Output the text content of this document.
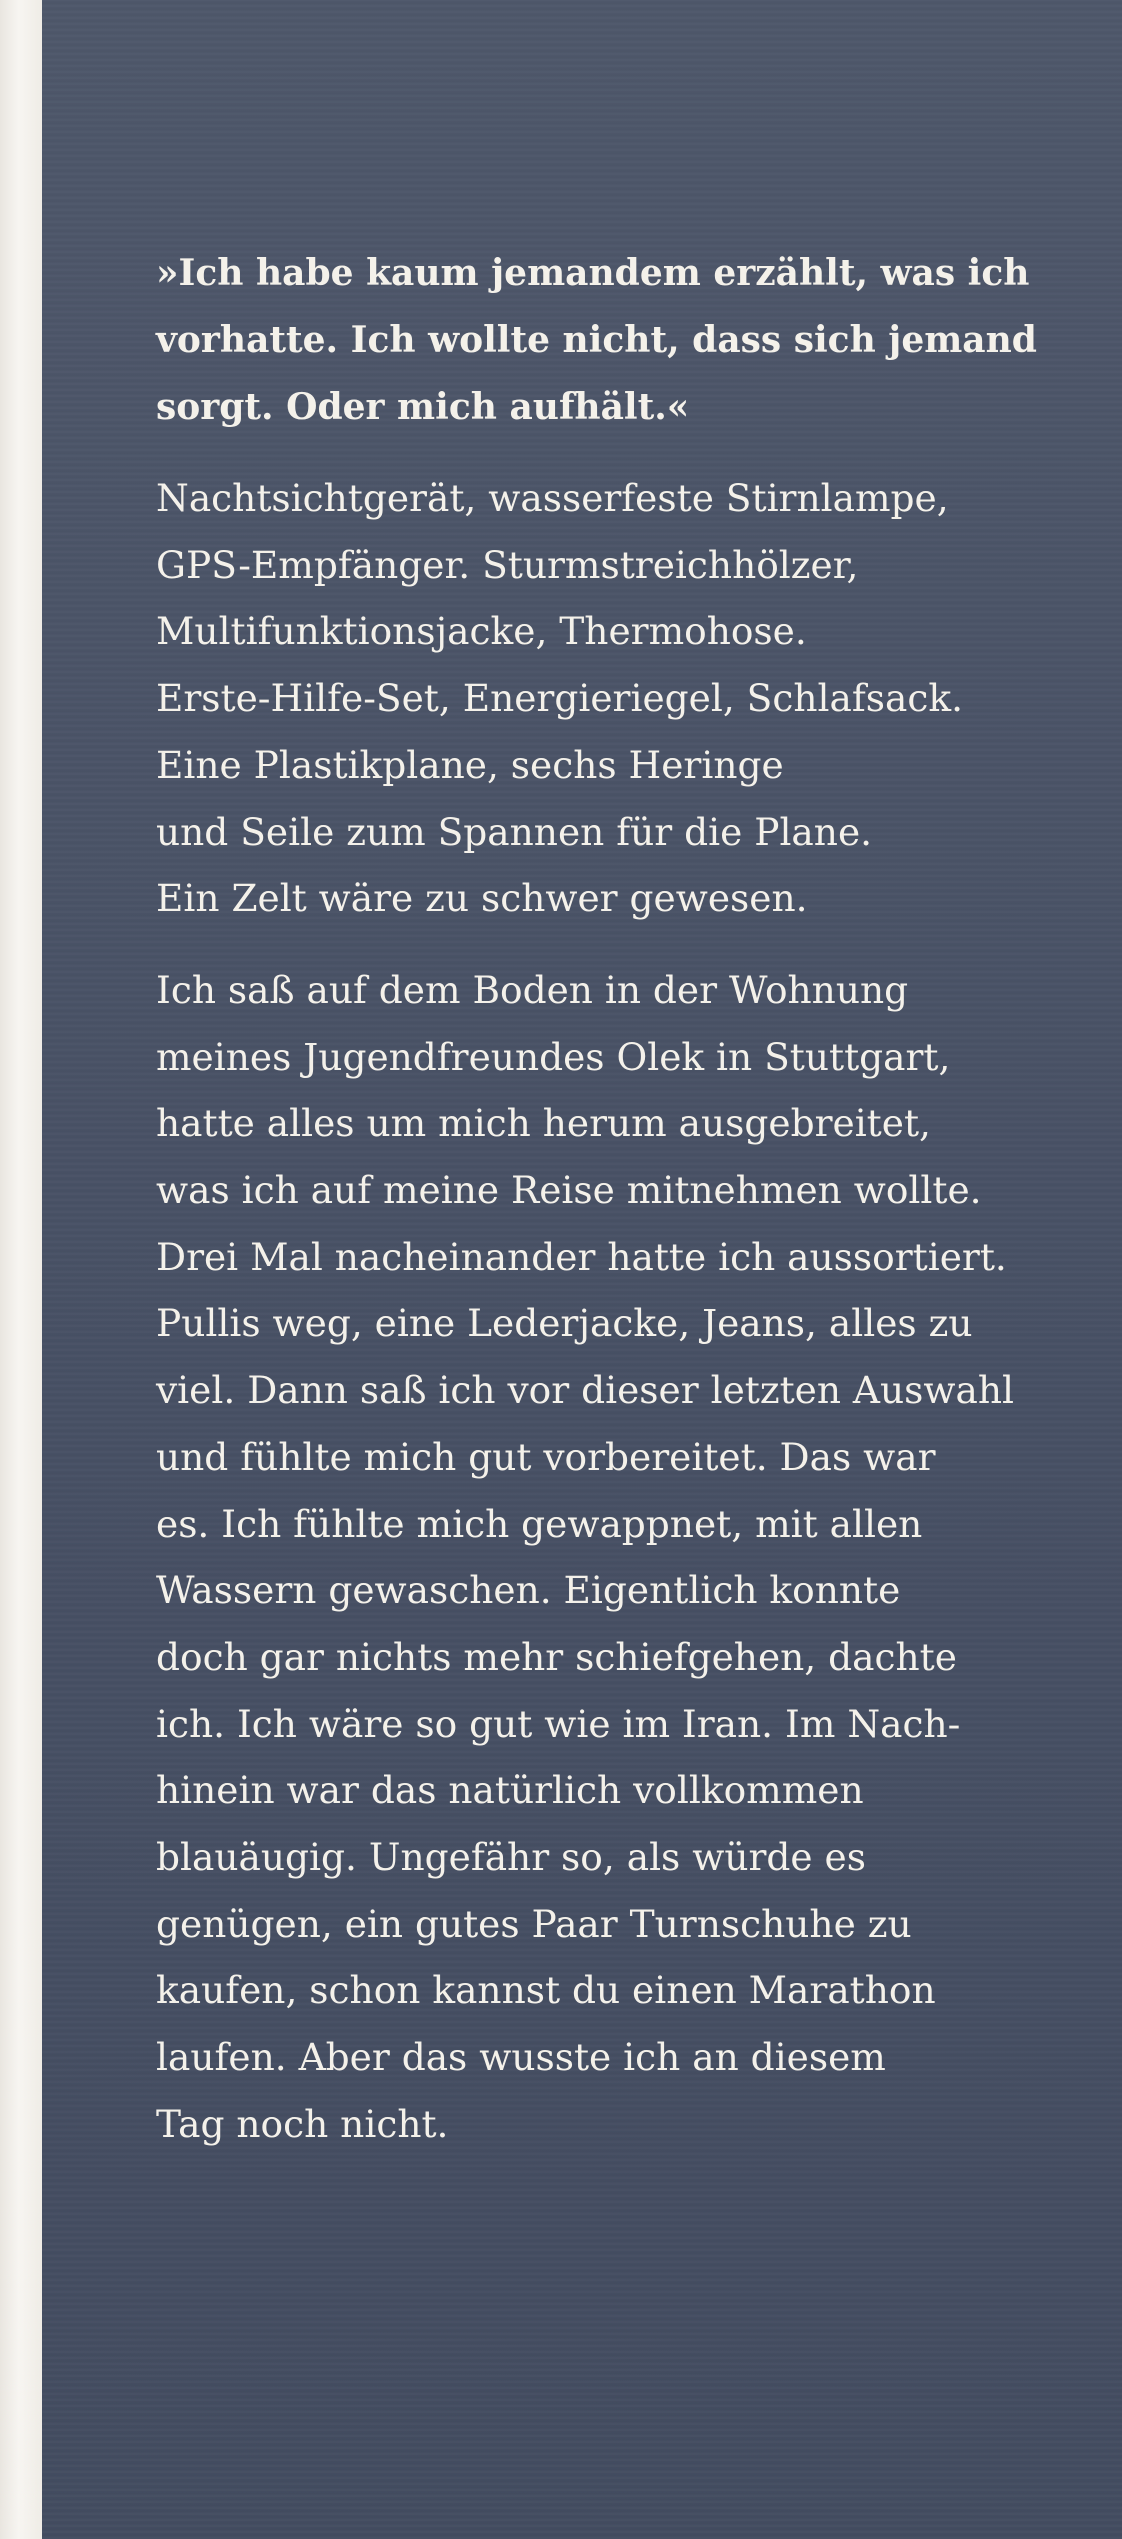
»Ich habe kaum jemandem erzählt, was ich
vorhatte. Ich wollte nicht, dass sich jemand
sorgt. Oder mich aufhält.«

Nachtsichtgerät, wasserfeste Stirnlampe,
GPS-Empfänger. Sturmstreichhölzer,
Multifunktionsjacke, Thermohose.
Erste-Hilfe-Set, Energieriegel, Schlafsack.
Eine Plastikplane, sechs Heringe
und Seile zum Spannen für die Plane.
Ein Zelt wäre zu schwer gewesen.

Ich saß auf dem Boden in der Wohnung
meines Jugendfreundes Olek in Stuttgart,
hatte alles um mich herum ausgebreitet,
was ich auf meine Reise mitnehmen wollte.
Drei Mal nacheinander hatte ich aussortiert.
Pullis weg, eine Lederjacke, Jeans, alles zu
viel. Dann saß ich vor dieser letzten Auswahl
und fühlte mich gut vorbereitet. Das war
es. Ich fühlte mich gewappnet, mit allen
Wassern gewaschen. Eigentlich konnte
doch gar nichts mehr schiefgehen, dachte
ich. Ich wäre so gut wie im Iran. Im Nach-
hinein war das natürlich vollkommen
blauäugig. Ungefähr so, als würde es
genügen, ein gutes Paar Turnschuhe zu
kaufen, schon kannst du einen Marathon
laufen. Aber das wusste ich an diesem
Tag noch nicht.
